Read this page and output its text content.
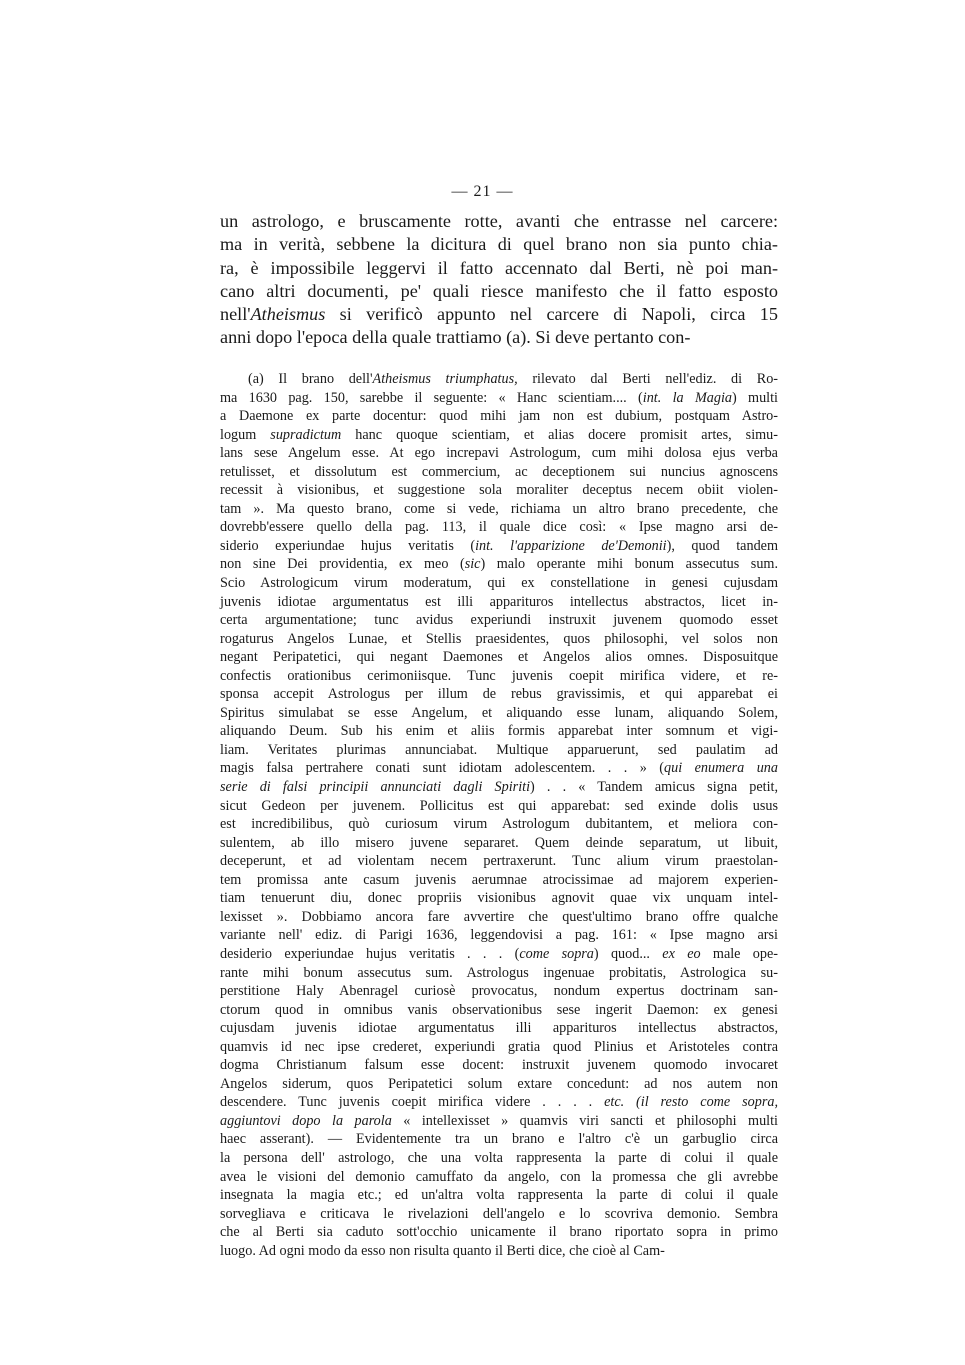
— 21 —
un astrologo, e bruscamente rotte, avanti che entrasse nel carcere:
ma in verità, sebbene la dicitura di quel brano non sia punto chia-
ra, è impossibile leggervi il fatto accennato dal Berti, nè poi man-
cano altri documenti, pe' quali riesce manifesto che il fatto esposto
nell'Atheismus si verificò appunto nel carcere di Napoli, circa 15
anni dopo l'epoca della quale trattiamo (a). Si deve pertanto con-
(a) Il brano dell'Atheismus triumphatus, rilevato dal Berti nell'ediz. di Ro-
ma 1630 pag. 150, sarebbe il seguente: « Hanc scientiam.... (int. la Magia) multi
a Daemone ex parte docentur: quod mihi jam non est dubium, postquam Astro-
logum supradictum hanc quoque scientiam, et alias docere promisit artes, simu-
lans sese Angelum esse. At ego increpavi Astrologum, cum mihi dolosa ejus verba
retulisset, et dissolutum est commercium, ac deceptionem sui nuncius agnoscens
recessit à visionibus, et suggestione sola moraliter deceptus necem obiit violen-
tam ». Ma questo brano, come si vede, richiama un altro brano precedente, che
dovrebb'essere quello della pag. 113, il quale dice così: « Ipse magno arsi de-
siderio experiundae hujus veritatis (int. l'apparizione de'Demonii), quod tandem
non sine Dei providentia, ex meo (sic) malo operante mihi bonum assecutus sum.
Scio Astrologicum virum moderatum, qui ex constellatione in genesi cujusdam
juvenis idiotae argumentatus est illi apparituros intellectus abstractos, licet in-
certa argumentatione; tunc avidus experiundi instruxit juvenem quomodo esset
rogaturus Angelos Lunae, et Stellis praesidentes, quos philosophi, vel solos non
negant Peripatetici, qui negant Daemones et Angelos alios omnes. Disposuitque
confectis orationibus cerimoniisque. Tunc juvenis coepit mirifica videre, et re-
sponsa accepit Astrologus per illum de rebus gravissimis, et qui apparebat ei
Spiritus simulabat se esse Angelum, et aliquando esse lunam, aliquando Solem,
aliquando Deum. Sub his enim et aliis formis apparebat inter somnum et vigi-
liam. Veritates plurimas annunciabat. Multique apparuerunt, sed paulatim ad
magis falsa pertrahere conati sunt idiotam adolescentem. . . » (qui enumera una
serie di falsi principii annunciati dagli Spiriti) . . « Tandem amicus signa petit,
sicut Gedeon per juvenem. Pollicitus est qui apparebat: sed exinde dolis usus
est incredibilibus, quò curiosum virum Astrologum dubitantem, et meliora con-
sulentem, ab illo misero juvene separaret. Quem deinde separatum, ut libuit,
deceperunt, et ad violentam necem pertraxerunt. Tunc alium virum praestolan-
tem promissa ante casum juvenis aerumnae atrocissimae ad majorem experien-
tiam tenuerunt diu, donec propriis visionibus agnovit quae vix unquam intel-
lexisset ». Dobbiamo ancora fare avvertire che quest'ultimo brano offre qualche
variante nell' ediz. di Parigi 1636, leggendovisi a pag. 161: « Ipse magno arsi
desiderio experiundae hujus veritatis . . . (come sopra) quod... ex eo male ope-
rante mihi bonum assecutus sum. Astrologus ingenuae probitatis, Astrologica su-
perstitione Haly Abenragel curiosè provocatus, nondum expertus doctrinam san-
ctorum quod in omnibus vanis observationibus sese ingerit Daemon: ex genesi
cujusdam juvenis idiotae argumentatus illi apparituros intellectus abstractos,
quamvis id nec ipse crederet, experiundi gratia quod Plinius et Aristoteles contra
dogma Christianum falsum esse docent: instruxit juvenem quomodo invocaret
Angelos siderum, quos Peripatetici solum extare concedunt: ad nos autem non
descendere. Tunc juvenis coepit mirifica videre . . . . etc. (il resto come sopra,
aggiuntovi dopo la parola « intellexisset » quamvis viri sancti et philosophi multi
haec asserant). — Evidentemente tra un brano e l'altro c'è un garbuglio circa
la persona dell' astrologo, che una volta rappresenta la parte di colui il quale
avea le visioni del demonio camuffato da angelo, con la promessa che gli avrebbe
insegnata la magia etc.; ed un'altra volta rappresenta la parte di colui il quale
sorvegliava e criticava le rivelazioni dell'angelo e lo scovriva demonio. Sembra
che al Berti sia caduto sott'occhio unicamente il brano riportato sopra in primo
luogo. Ad ogni modo da esso non risulta quanto il Berti dice, che cioè al Cam-
